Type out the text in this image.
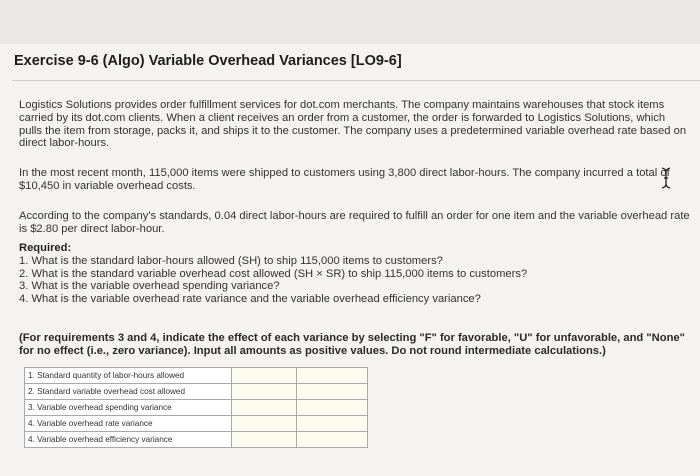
Exercise 9-6 (Algo) Variable Overhead Variances [LO9-6]
Logistics Solutions provides order fulfillment services for dot.com merchants. The company maintains warehouses that stock items carried by its dot.com clients. When a client receives an order from a customer, the order is forwarded to Logistics Solutions, which pulls the item from storage, packs it, and ships it to the customer. The company uses a predetermined variable overhead rate based on direct labor-hours.
In the most recent month, 115,000 items were shipped to customers using 3,800 direct labor-hours. The company incurred a total of $10,450 in variable overhead costs.
According to the company's standards, 0.04 direct labor-hours are required to fulfill an order for one item and the variable overhead rate is $2.80 per direct labor-hour.
Required:
1. What is the standard labor-hours allowed (SH) to ship 115,000 items to customers?
2. What is the standard variable overhead cost allowed (SH × SR) to ship 115,000 items to customers?
3. What is the variable overhead spending variance?
4. What is the variable overhead rate variance and the variable overhead efficiency variance?
(For requirements 3 and 4, indicate the effect of each variance by selecting "F" for favorable, "U" for unfavorable, and "None" for no effect (i.e., zero variance). Input all amounts as positive values. Do not round intermediate calculations.)
1. Standard quantity of labor-hours allowed		
2. Standard variable overhead cost allowed		
3. Variable overhead spending variance		
4. Variable overhead rate variance		
4. Variable overhead efficiency variance		
